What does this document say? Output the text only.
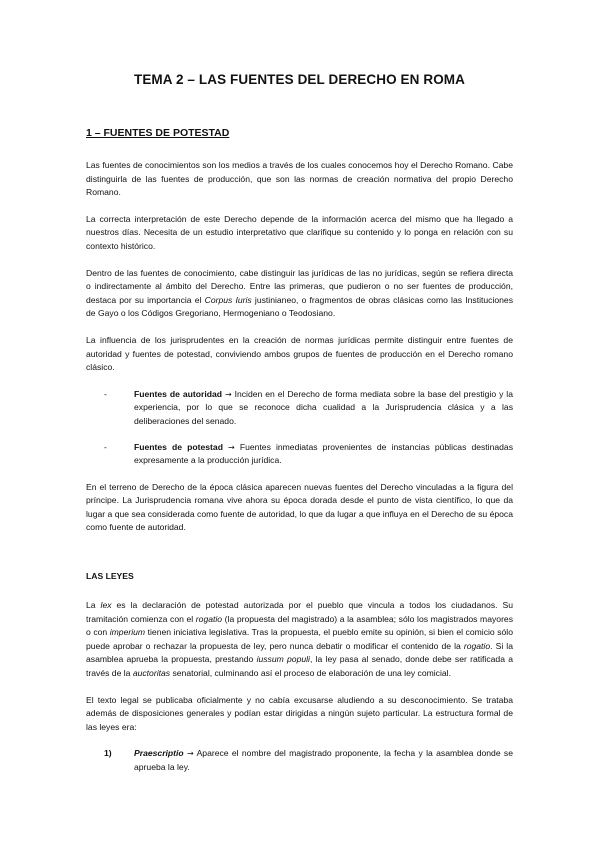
TEMA 2 – LAS FUENTES DEL DERECHO EN ROMA
1 – FUENTES DE POTESTAD

Las fuentes de conocimientos son los medios a través de los cuales conocemos hoy el Derecho Romano. Cabe distinguirla de las fuentes de producción, que son las normas de creación normativa del propio Derecho Romano.

La correcta interpretación de este Derecho depende de la información acerca del mismo que ha llegado a nuestros días. Necesita de un estudio interpretativo que clarifique su contenido y lo ponga en relación con su contexto histórico.

Dentro de las fuentes de conocimiento, cabe distinguir las jurídicas de las no jurídicas, según se refiera directa o indirectamente al ámbito del Derecho. Entre las primeras, que pudieron o no ser fuentes de producción, destaca por su importancia el Corpus Iuris justinianeo, o fragmentos de obras clásicas como las Instituciones de Gayo o los Códigos Gregoriano, Hermogeniano o Teodosiano.

La influencia de los jurisprudentes en la creación de normas jurídicas permite distinguir entre fuentes de autoridad y fuentes de potestad, conviviendo ambos grupos de fuentes de producción en el Derecho romano clásico.

-	Fuentes de autoridad → Inciden en el Derecho de forma mediata sobre la base del prestigio y la experiencia, por lo que se reconoce dicha cualidad a la Jurisprudencia clásica y a las deliberaciones del senado.
-	Fuentes de potestad → Fuentes inmediatas provenientes de instancias públicas destinadas expresamente a la producción jurídica.

En el terreno de Derecho de la época clásica aparecen nuevas fuentes del Derecho vinculadas a la figura del príncipe. La Jurisprudencia romana vive ahora su época dorada desde el punto de vista científico, lo que da lugar a que sea considerada como fuente de autoridad, lo que da lugar a que influya en el Derecho de su época como fuente de autoridad.

LAS LEYES

La lex es la declaración de potestad autorizada por el pueblo que vincula a todos los ciudadanos. Su tramitación comienza con el rogatio (la propuesta del magistrado) a la asamblea; sólo los magistrados mayores o con imperium tienen iniciativa legislativa. Tras la propuesta, el pueblo emite su opinión, si bien el comicio sólo puede aprobar o rechazar la propuesta de ley, pero nunca debatir o modificar el contenido de la rogatio. Si la asamblea aprueba la propuesta, prestando iussum populi, la ley pasa al senado, donde debe ser ratificada a través de la auctoritas senatorial, culminando así el proceso de elaboración de una ley comicial.

El texto legal se publicaba oficialmente y no cabía excusarse aludiendo a su desconocimiento. Se trataba además de disposiciones generales y podían estar dirigidas a ningún sujeto particular. La estructura formal de las leyes era:

1)	Praescriptio → Aparece el nombre del magistrado proponente, la fecha y la asamblea donde se aprueba la ley.
